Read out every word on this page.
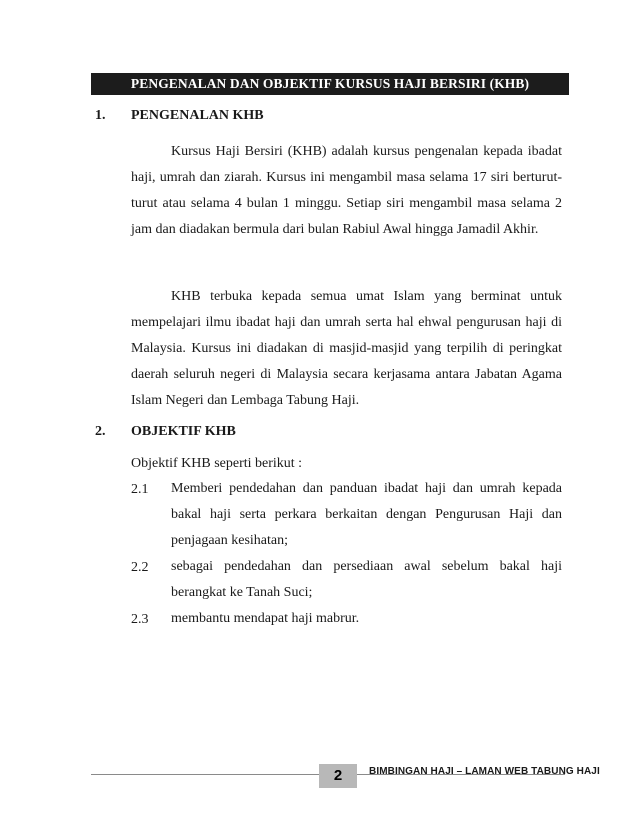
PENGENALAN DAN OBJEKTIF KURSUS HAJI BERSIRI (KHB)
1. PENGENALAN KHB

Kursus Haji Bersiri (KHB) adalah kursus pengenalan kepada ibadat haji, umrah dan ziarah. Kursus ini mengambil masa selama 17 siri berturut-turut atau selama 4 bulan 1 minggu. Setiap siri mengambil masa selama 2 jam dan diadakan bermula dari bulan Rabiul Awal hingga Jamadil Akhir.

KHB terbuka kepada semua umat Islam yang berminat untuk mempelajari ilmu ibadat haji dan umrah serta hal ehwal pengurusan haji di Malaysia. Kursus ini diadakan di masjid-masjid yang terpilih di peringkat daerah seluruh negeri di Malaysia secara kerjasama antara Jabatan Agama Islam Negeri dan Lembaga Tabung Haji.

2. OBJEKTIF KHB
Objektif KHB seperti berikut :
2.1 Memberi pendedahan dan panduan ibadat haji dan umrah kepada bakal haji serta perkara berkaitan dengan Pengurusan Haji dan penjagaan kesihatan;

2.2 sebagai pendedahan dan persediaan awal sebelum bakal haji berangkat ke Tanah Suci;

2.3 membantu mendapat haji mabrur.

2	BIMBINGAN HAJI – LAMAN WEB TABUNG HAJI
